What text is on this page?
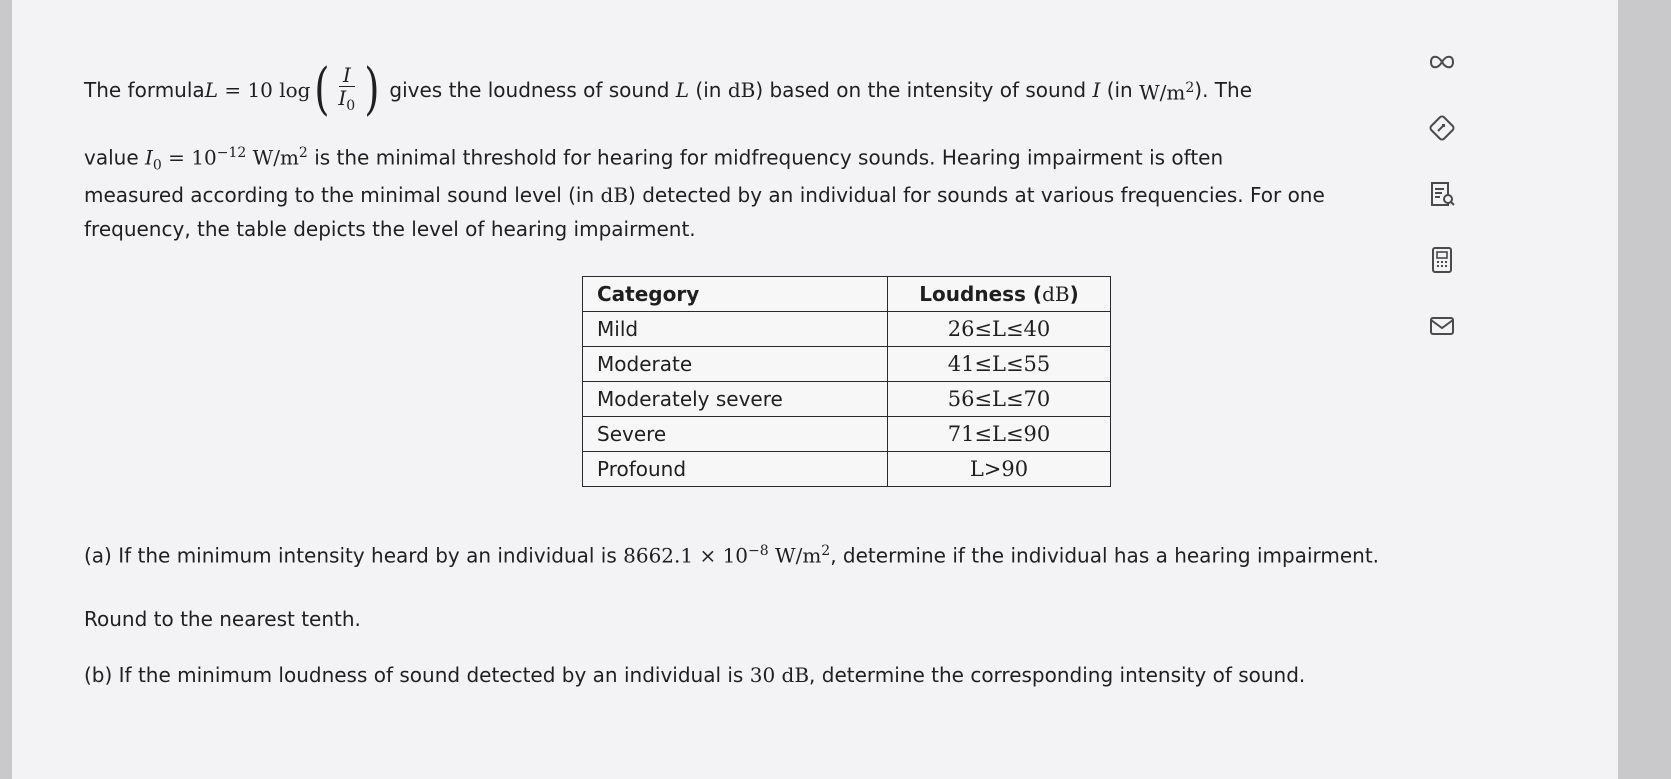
The formula L = 10 log ( $\frac{I}{I_0}$ ) gives the loudness of sound L (in dB ) based on the intensity of sound I (in $W/m^2$ ). The
value $I_0 = 10^{-12}$ $W/m^2$ is the minimal threshold for hearing for midfrequency sounds. Hearing impairment is often
measured according to the minimal sound level (in dB) detected by an individual for sounds at various frequencies. For one
frequency, the table depicts the level of hearing impairment.
Category	Loudness (dB)
Mild	26≤L≤40
Moderate	41≤L≤55
Moderately severe	56≤L≤70
Severe	71≤L≤90
Profound	L>90
(a) If the minimum intensity heard by an individual is $8662.1 \times 10^{-8}$ $W/m^2$, determine if the individual has a hearing impairment.
Round to the nearest tenth.
(b) If the minimum loudness of sound detected by an individual is 30 dB, determine the corresponding intensity of sound.
